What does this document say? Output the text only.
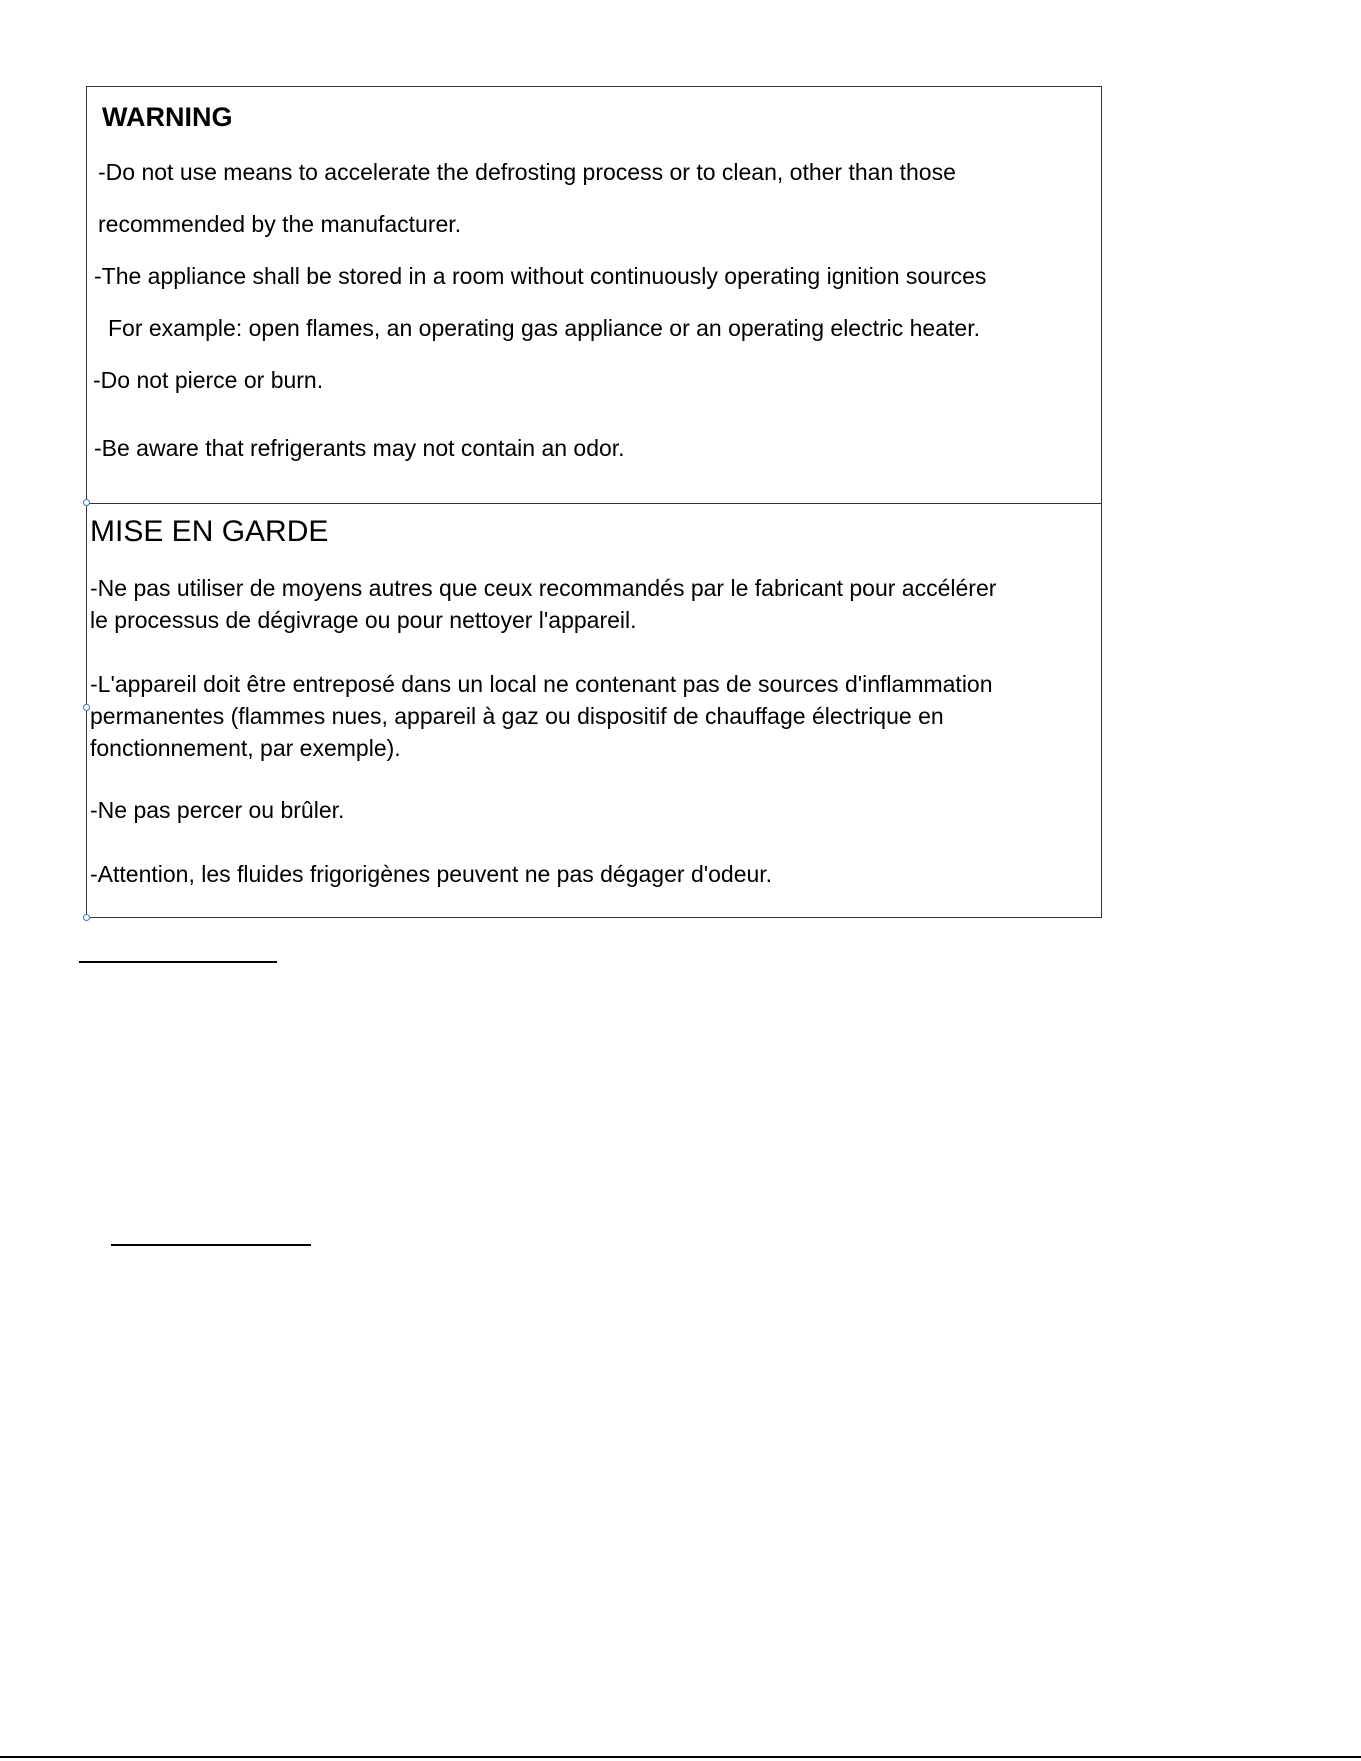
WARNING
-Do not use means to accelerate the defrosting process or to clean, other than those
recommended by the manufacturer.
-The appliance shall be stored in a room without continuously operating ignition sources
For example: open flames, an operating gas appliance or an operating electric heater.
-Do not pierce or burn.
-Be aware that refrigerants may not contain an odor.
MISE EN GARDE
-Ne pas utiliser de moyens autres que ceux recommandés par le fabricant pour accélérer
le processus de dégivrage ou pour nettoyer l'appareil.
-L'appareil doit être entreposé dans un local ne contenant pas de sources d'inflammation
permanentes (flammes nues, appareil à gaz ou dispositif de chauffage électrique en
fonctionnement, par exemple).
-Ne pas percer ou brûler.
-Attention, les fluides frigorigènes peuvent ne pas dégager d'odeur.
